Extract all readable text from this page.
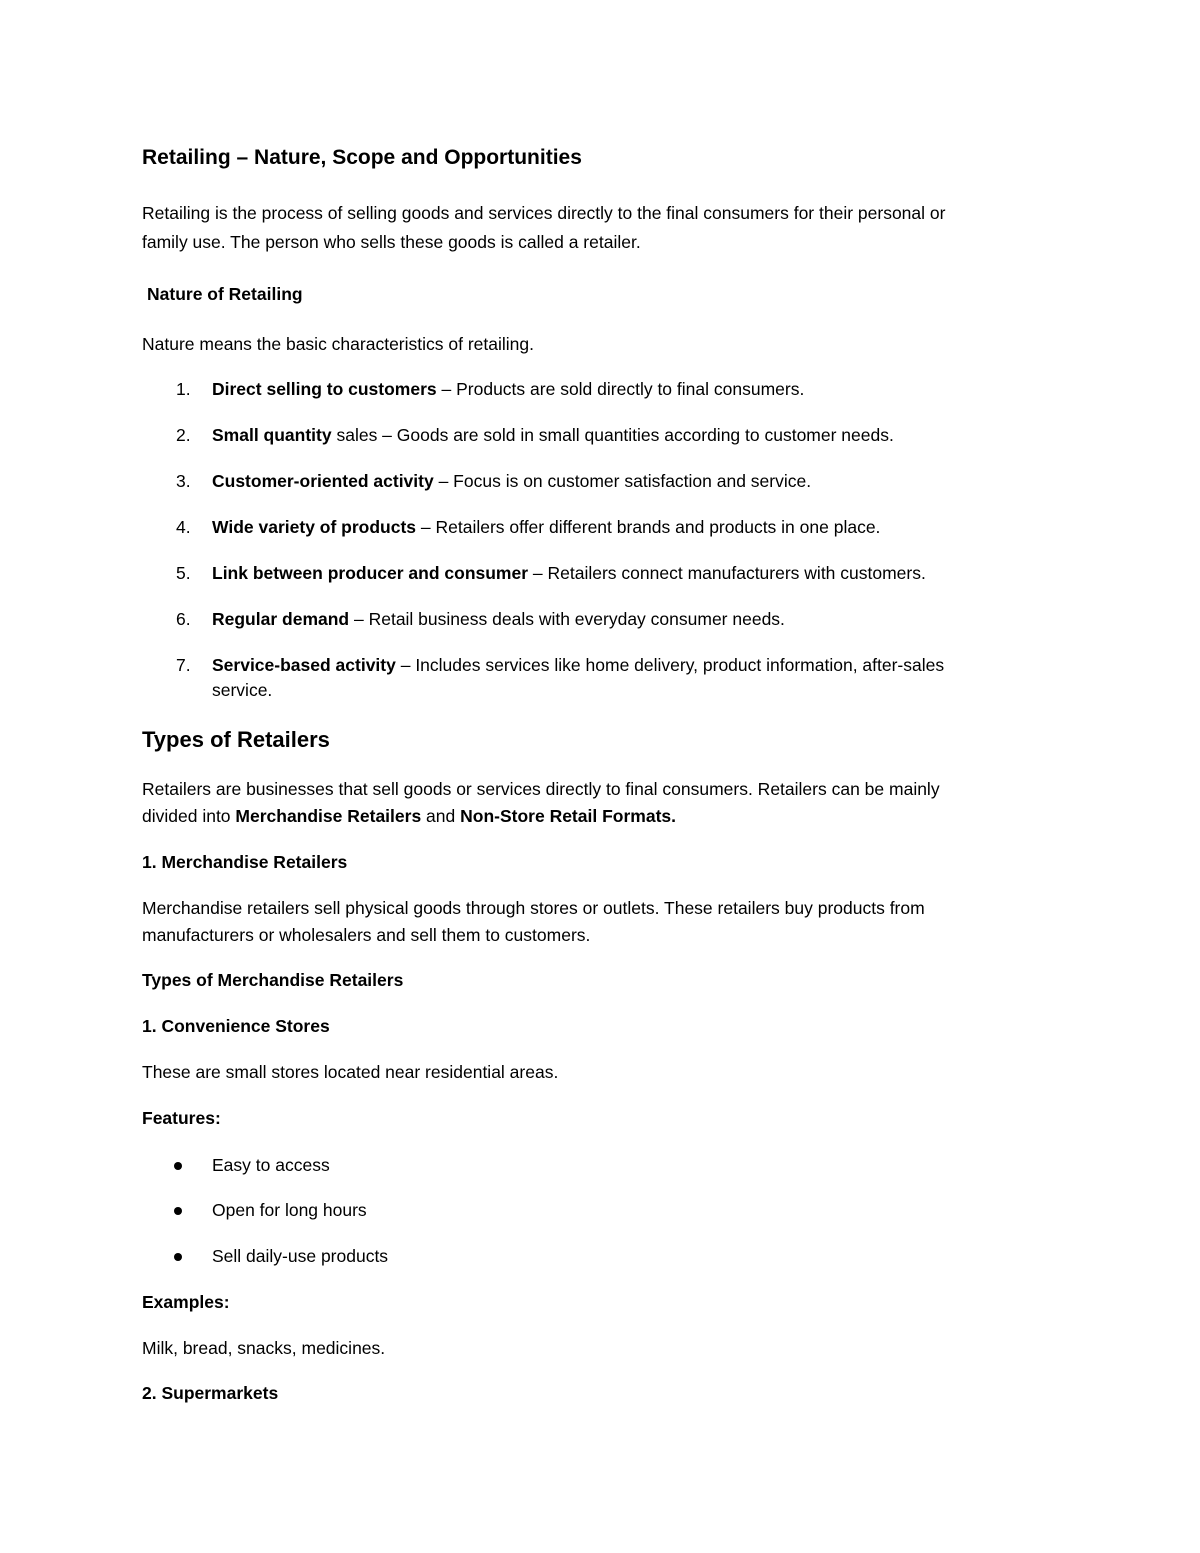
Retailing – Nature, Scope and Opportunities
Retailing is the process of selling goods and services directly to the final consumers for their personal or
family use. The person who sells these goods is called a retailer.
Nature of Retailing
Nature means the basic characteristics of retailing.
1. Direct selling to customers – Products are sold directly to final consumers.
2. Small quantity sales – Goods are sold in small quantities according to customer needs.
3. Customer-oriented activity – Focus is on customer satisfaction and service.
4. Wide variety of products – Retailers offer different brands and products in one place.
5. Link between producer and consumer – Retailers connect manufacturers with customers.
6. Regular demand – Retail business deals with everyday consumer needs.
7. Service-based activity – Includes services like home delivery, product information, after-sales
service.
Types of Retailers
Retailers are businesses that sell goods or services directly to final consumers. Retailers can be mainly
divided into Merchandise Retailers and Non-Store Retail Formats.
1. Merchandise Retailers
Merchandise retailers sell physical goods through stores or outlets. These retailers buy products from
manufacturers or wholesalers and sell them to customers.
Types of Merchandise Retailers
1. Convenience Stores
These are small stores located near residential areas.
Features:
Easy to access
Open for long hours
Sell daily-use products
Examples:
Milk, bread, snacks, medicines.
2. Supermarkets
